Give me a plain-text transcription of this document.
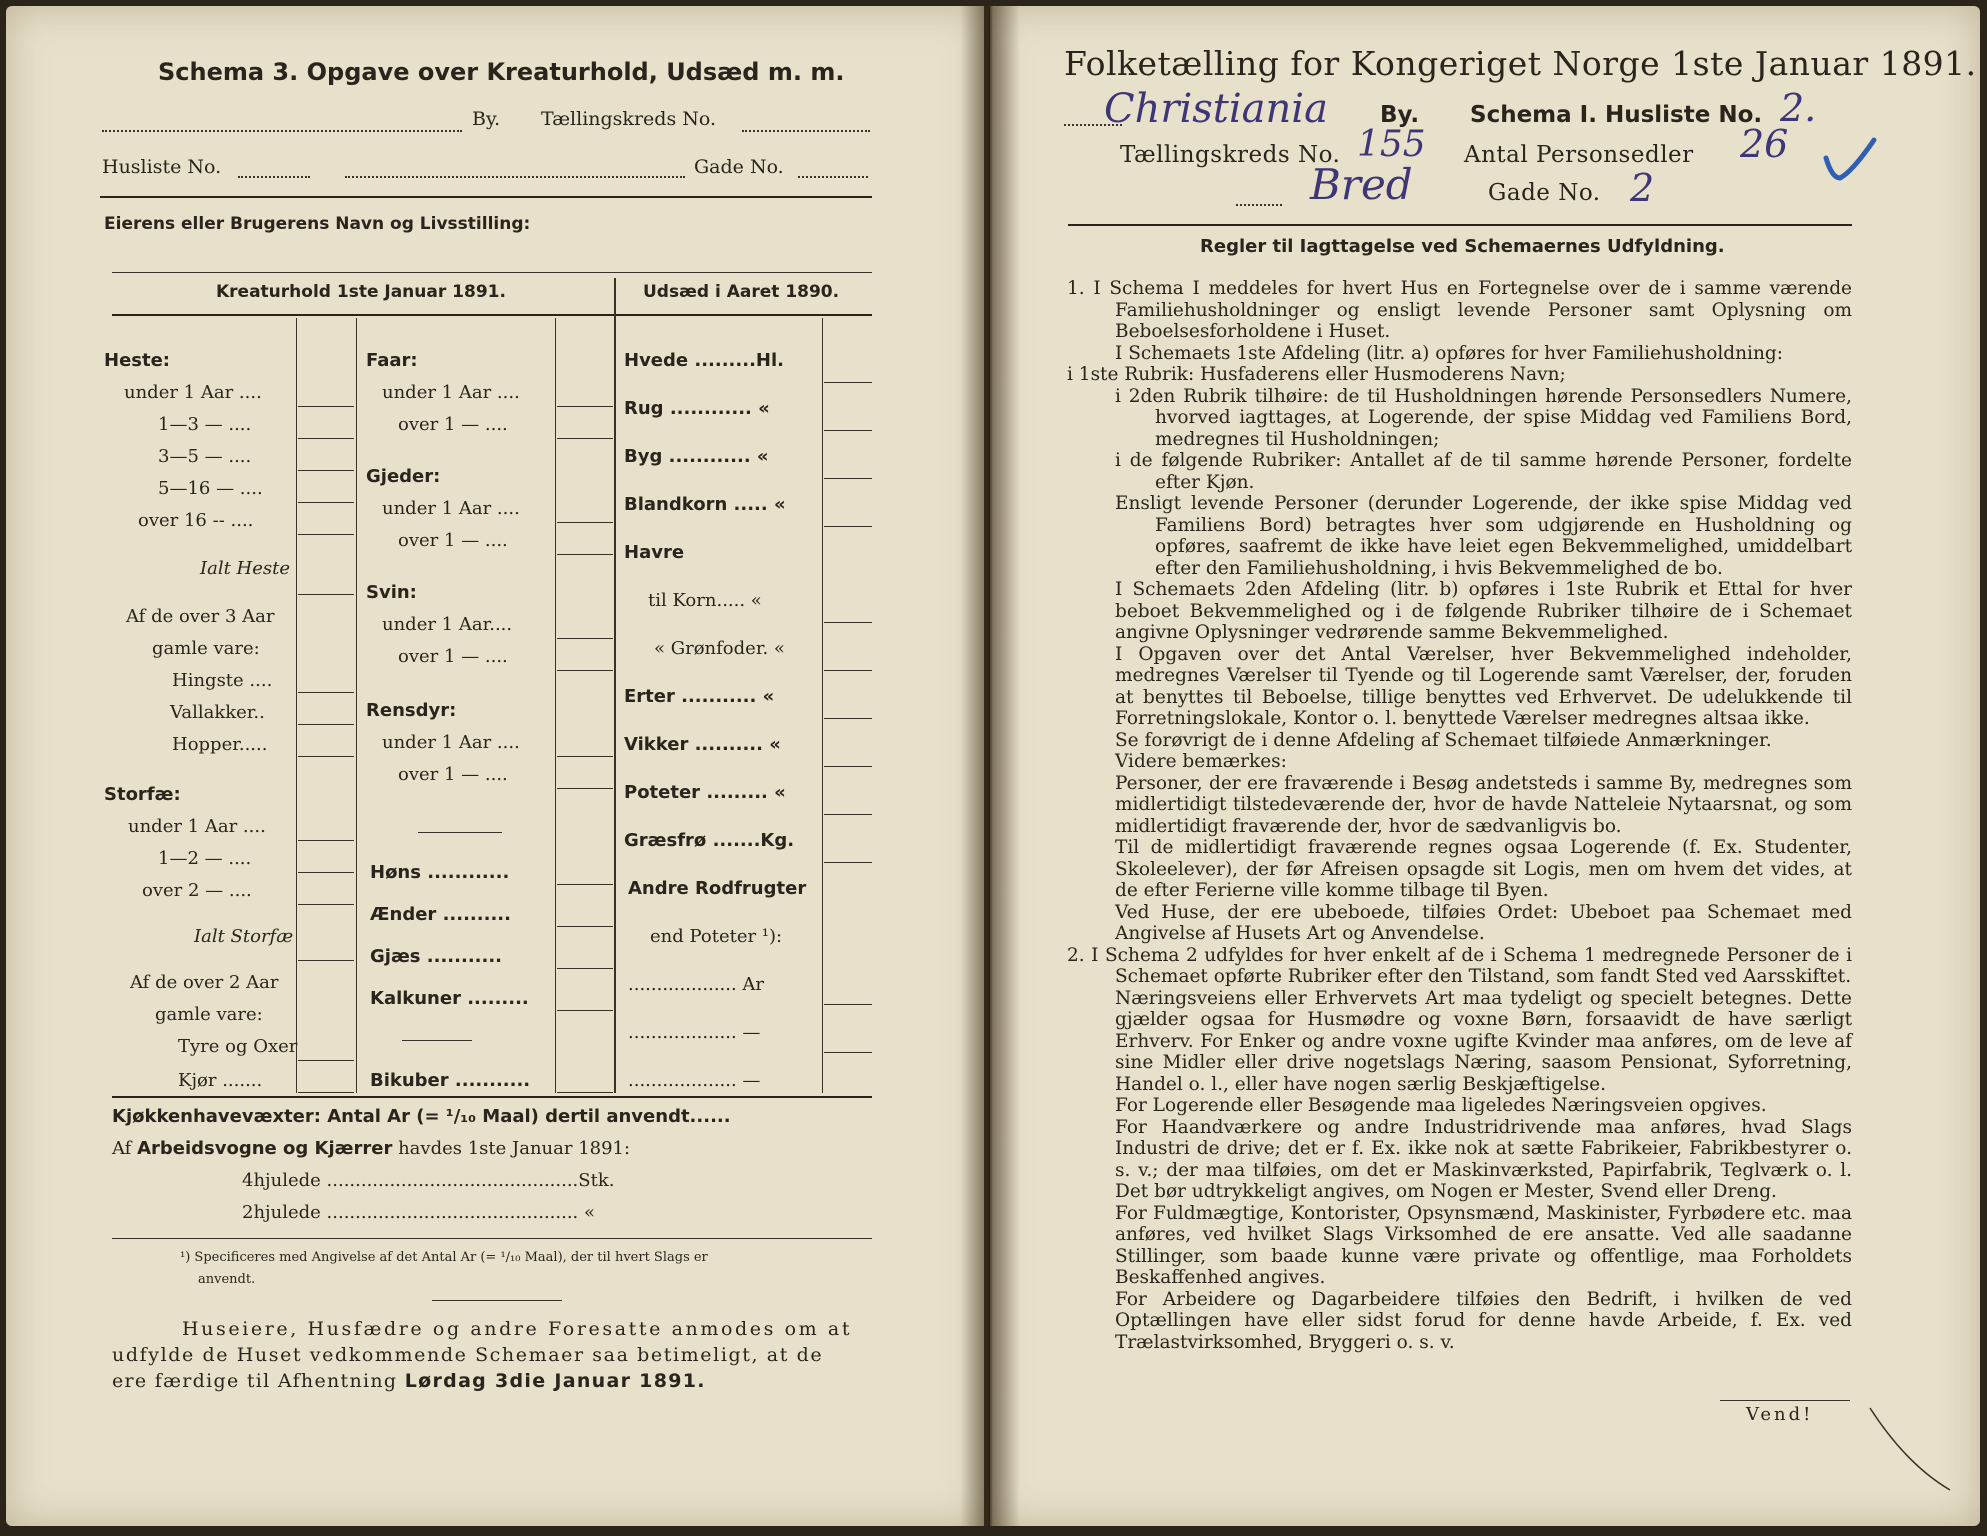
Schema 3. Opgave over Kreaturhold, Udsæd m. m.
By. Tællingskreds No.
Husliste No.	Gade No.
Eierens eller Brugerens Navn og Livsstilling:
Kreaturhold 1ste Januar 1891.	Udsæd i Aaret 1890.
Heste:
under 1 Aar ....
1—3 — ....
3—5 — ....
5—16 — ....
over 16 -- ....
Ialt Heste
Af de over 3 Aar
gamle vare:
Hingste ....
Vallakker..
Hopper.....
Storfæ:
under 1 Aar ....
1—2 — ....
over 2 — ....
Ialt Storfæ
Af de over 2 Aar
gamle vare:
Tyre og Oxer
Kjør .......
Faar:
under 1 Aar ....
over 1 — ....
Gjeder:
under 1 Aar ....
over 1 — ....
Svin:
under 1 Aar....
over 1 — ....
Rensdyr:
under 1 Aar ....
over 1 — ....
Høns ............
Ænder ..........
Gjæs ...........
Kalkuner .........
Bikuber ...........
Hvede .........Hl.
Rug ............ «
Byg ............ «
Blandkorn ..... «
Havre
til Korn..... «
« Grønfoder. «
Erter ........... «
Vikker .......... «
Poteter ......... «
Græsfrø .......Kg.
Andre Rodfrugter
end Poteter ¹):
................... Ar
................... —
................... —
Kjøkkenhavevæxter: Antal Ar (= ¹/₁₀ Maal) dertil anvendt......
Af Arbeidsvogne og Kjærrer havdes 1ste Januar 1891:
4hjulede ............................................Stk.
2hjulede ............................................ «
¹) Specificeres med Angivelse af det Antal Ar (= ¹/₁₀ Maal), der til hvert Slags er
anvendt.
Huseiere, Husfædre og andre Foresatte anmodes om at
udfylde de Huset vedkommende Schemaer saa betimeligt, at de
ere færdige til Afhentning Lørdag 3die Januar 1891.
Folketælling for Kongeriget Norge 1ste Januar 1891.
Christiania By. Schema I. Husliste No. 2.
Tællingskreds No. 155 Antal Personsedler 26
Bred	Gade No. 2
Regler til Iagttagelse ved Schemaernes Udfyldning.

1. I Schema I meddeles for hvert Hus en Fortegnelse over de i samme værende Familiehusholdninger og ensligt levende Personer samt Oplysning om Beboelsesforholdene i Huset.

I Schemaets 1ste Afdeling (litr. a) opføres for hver Familiehusholdning:

i 1ste Rubrik: Husfaderens eller Husmoderens Navn;

i 2den Rubrik tilhøire: de til Husholdningen hørende Personsedlers Numere, hvorved iagttages, at Logerende, der spise Middag ved Familiens Bord, medregnes til Husholdningen;

i de følgende Rubriker: Antallet af de til samme hørende Personer, fordelte efter Kjøn.

Ensligt levende Personer (derunder Logerende, der ikke spise Middag ved Familiens Bord) betragtes hver som udgjørende en Husholdning og opføres, saafremt de ikke have leiet egen Bekvemmelighed, umiddelbart efter den Familiehusholdning, i hvis Bekvemmelighed de bo.

I Schemaets 2den Afdeling (litr. b) opføres i 1ste Rubrik et Ettal for hver beboet Bekvemmelighed og i de følgende Rubriker tilhøire de i Schemaet angivne Oplysninger vedrørende samme Bekvemmelighed.

I Opgaven over det Antal Værelser, hver Bekvemmelighed indeholder, medregnes Værelser til Tyende og til Logerende samt Værelser, der, foruden at benyttes til Beboelse, tillige benyttes ved Erhvervet. De udelukkende til Forretningslokale, Kontor o. l. benyttede Værelser medregnes altsaa ikke.

Se forøvrigt de i denne Afdeling af Schemaet tilføiede Anmærkninger.

Videre bemærkes:

Personer, der ere fraværende i Besøg andetsteds i samme By, medregnes som midlertidigt tilstedeværende der, hvor de havde Natteleie Nytaarsnat, og som midlertidigt fraværende der, hvor de sædvanligvis bo.

Til de midlertidigt fraværende regnes ogsaa Logerende (f. Ex. Studenter, Skoleelever), der før Afreisen opsagde sit Logis, men om hvem det vides, at de efter Ferierne ville komme tilbage til Byen.

Ved Huse, der ere ubeboede, tilføies Ordet: Ubeboet paa Schemaet med Angivelse af Husets Art og Anvendelse.

2. I Schema 2 udfyldes for hver enkelt af de i Schema 1 medregnede Personer de i Schemaet opførte Rubriker efter den Tilstand, som fandt Sted ved Aarsskiftet.

Næringsveiens eller Erhvervets Art maa tydeligt og specielt betegnes. Dette gjælder ogsaa for Husmødre og voxne Børn, forsaavidt de have særligt Erhverv. For Enker og andre voxne ugifte Kvinder maa anføres, om de leve af sine Midler eller drive nogetslags Næring, saasom Pensionat, Syforretning, Handel o. l., eller have nogen særlig Beskjæftigelse.

For Logerende eller Besøgende maa ligeledes Næringsveien opgives.

For Haandværkere og andre Industridrivende maa anføres, hvad Slags Industri de drive; det er f. Ex. ikke nok at sætte Fabrikeier, Fabrikbestyrer o. s. v.; der maa tilføies, om det er Maskinværksted, Papirfabrik, Teglværk o. l. Det bør udtrykkeligt angives, om Nogen er Mester, Svend eller Dreng.

For Fuldmægtige, Kontorister, Opsynsmænd, Maskinister, Fyrbødere etc. maa anføres, ved hvilket Slags Virksomhed de ere ansatte. Ved alle saadanne Stillinger, som baade kunne være private og offentlige, maa Forholdets Beskaffenhed angives.

For Arbeidere og Dagarbeidere tilføies den Bedrift, i hvilken de ved Optællingen have eller sidst forud for denne havde Arbeide, f. Ex. ved Trælastvirksomhed, Bryggeri o. s. v.

Vend!
